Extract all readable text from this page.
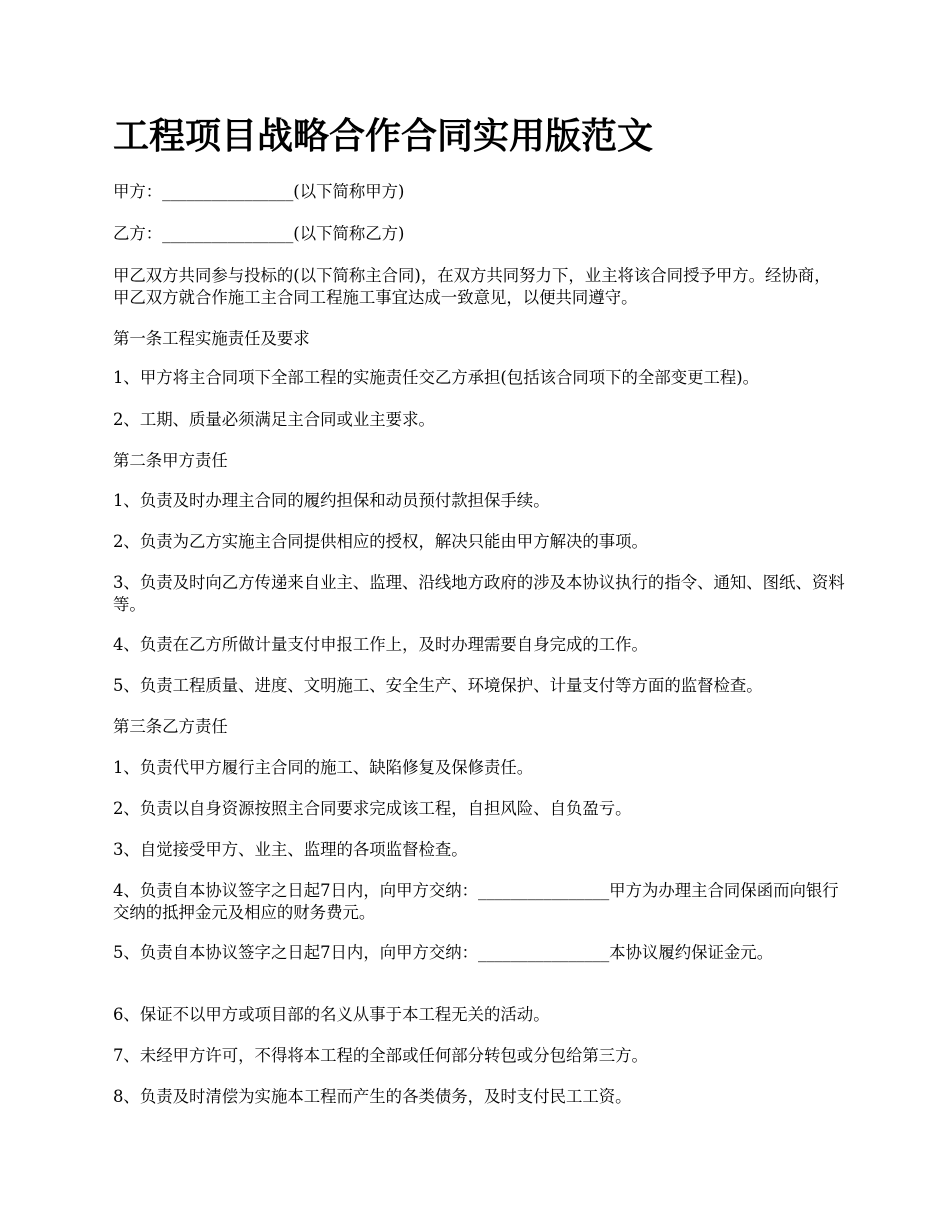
工程项目战略合作合同实用版范文

甲方：________________(以下简称甲方)

乙方：________________(以下简称乙方)

甲乙双方共同参与投标的(以下简称主合同)，在双方共同努力下，业主将该合同授予甲方。经协商，甲乙双方就合作施工主合同工程施工事宜达成一致意见，以便共同遵守。

第一条工程实施责任及要求

1、甲方将主合同项下全部工程的实施责任交乙方承担(包括该合同项下的全部变更工程)。

2、工期、质量必须满足主合同或业主要求。

第二条甲方责任

1、负责及时办理主合同的履约担保和动员预付款担保手续。

2、负责为乙方实施主合同提供相应的授权，解决只能由甲方解决的事项。

3、负责及时向乙方传递来自业主、监理、沿线地方政府的涉及本协议执行的指令、通知、图纸、资料等。

4、负责在乙方所做计量支付申报工作上，及时办理需要自身完成的工作。

5、负责工程质量、进度、文明施工、安全生产、环境保护、计量支付等方面的监督检查。

第三条乙方责任

1、负责代甲方履行主合同的施工、缺陷修复及保修责任。

2、负责以自身资源按照主合同要求完成该工程，自担风险、自负盈亏。

3、自觉接受甲方、业主、监理的各项监督检查。

4、负责自本协议签字之日起7日内，向甲方交纳：________________甲方为办理主合同保函而向银行交纳的抵押金元及相应的财务费元。

5、负责自本协议签字之日起7日内，向甲方交纳：________________本协议履约保证金元。

6、保证不以甲方或项目部的名义从事于本工程无关的活动。

7、未经甲方许可，不得将本工程的全部或任何部分转包或分包给第三方。

8、负责及时清偿为实施本工程而产生的各类债务，及时支付民工工资。
